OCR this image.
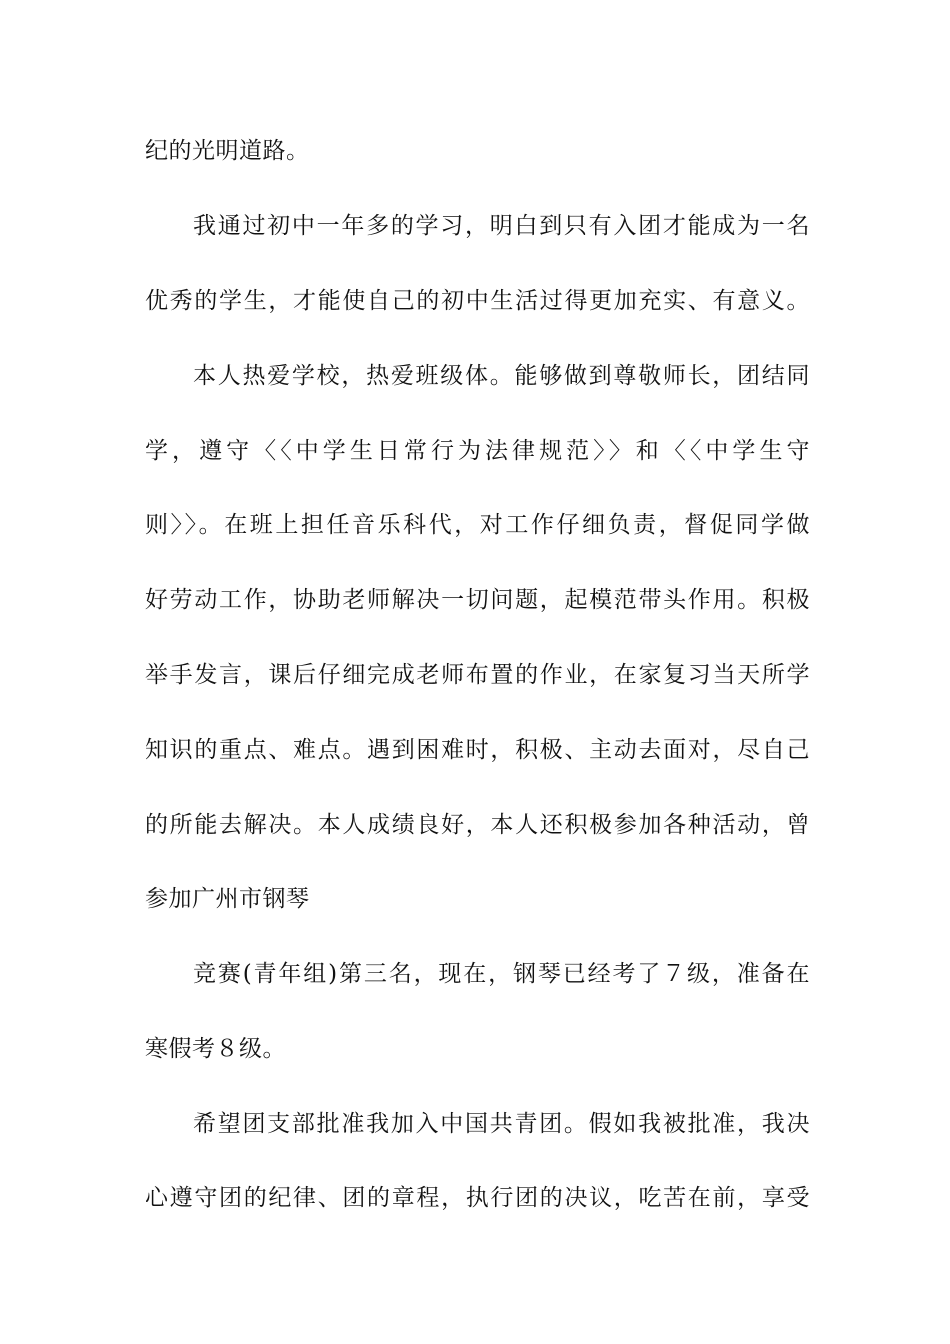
纪的光明道路。
我通过初中一年多的学习，明白到只有入团才能成为一名
优秀的学生，才能使自己的初中生活过得更加充实、有意义。
本人热爱学校，热爱班级体。能够做到尊敬师长，团结同
学，遵守〈〈中学生日常行为法律规范〉〉和〈〈中学生守
则〉〉。在班上担任音乐科代，对工作仔细负责，督促同学做
好劳动工作，协助老师解决一切问题，起模范带头作用。积极
举手发言，课后仔细完成老师布置的作业，在家复习当天所学
知识的重点、难点。遇到困难时，积极、主动去面对，尽自己
的所能去解决。本人成绩良好，本人还积极参加各种活动，曾
参加广州市钢琴
竞赛(青年组)第三名，现在，钢琴已经考了７级，准备在
寒假考８级。
希望团支部批准我加入中国共青团。假如我被批准，我决
心遵守团的纪律、团的章程，执行团的决议，吃苦在前，享受
